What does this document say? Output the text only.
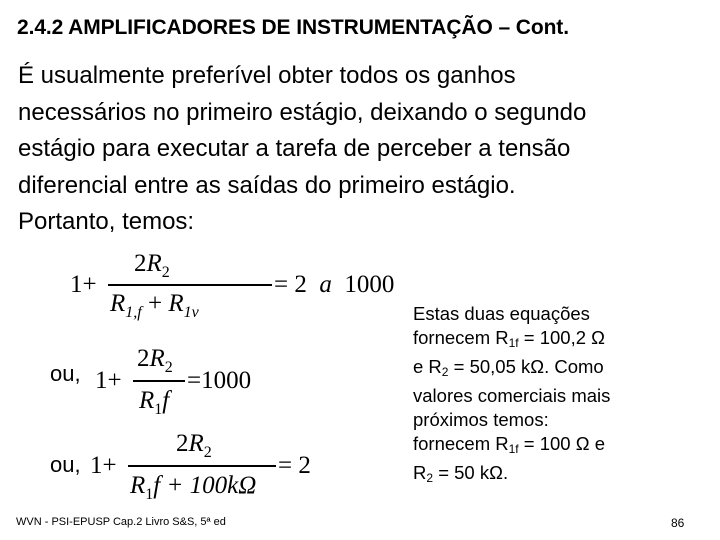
2.4.2 AMPLIFICADORES DE INSTRUMENTAÇÃO – Cont.
É usualmente preferível obter todos os ganhos
necessários no primeiro estágio, deixando o segundo
estágio para executar a tarefa de perceber a tensão
diferencial entre as saídas do primeiro estágio.
Portanto, temos:
1+
$2R_2$
$R_{1,f} + R_{1v}$
= 2 a 1000
ou,
ou,
1+
$2R_2$
$R_1f$
=1000
1+
$2R_2$
$R_1f + 100k\Omega$
= 2
Estas duas equações
fornecem $R_{1f} = 100,2$ Ω
e $R_2 = 50,05$ kΩ. Como
valores comerciais mais
próximos temos:
fornecem $R_{1f} = 100$ Ω e
$R_2 = 50$ kΩ.
WVN - PSI-EPUSP Cap.2 Livro S&S, 5ª ed	86
